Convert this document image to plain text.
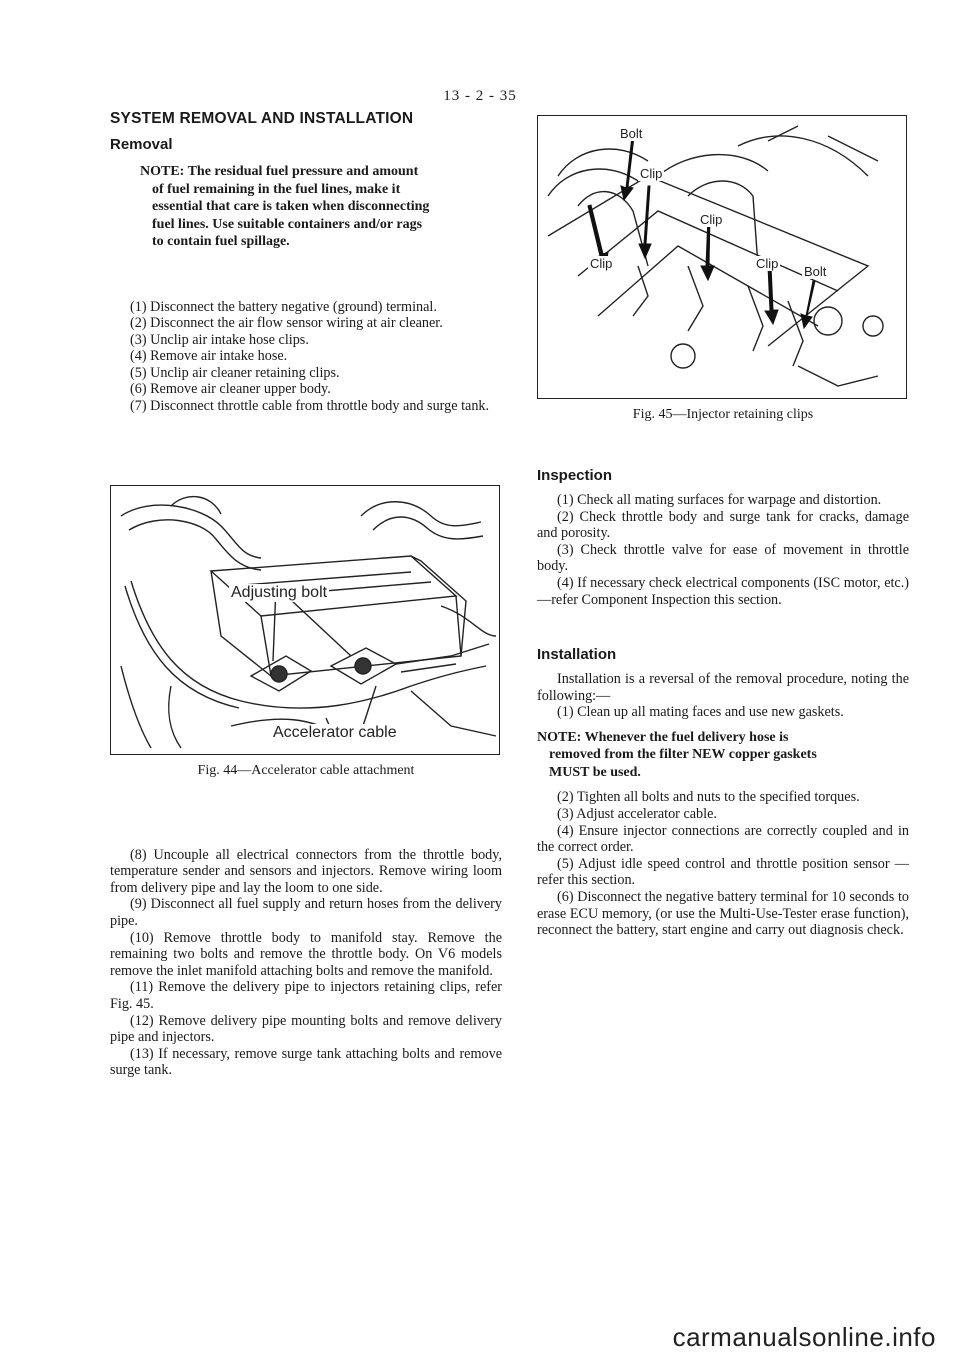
13 - 2 - 35
SYSTEM REMOVAL AND INSTALLATION
Removal
NOTE: The residual fuel pressure and amount
of fuel remaining in the fuel lines, make it
essential that care is taken when disconnecting
fuel lines. Use suitable containers and/or rags
to contain fuel spillage.

(1) Disconnect the battery negative (ground) terminal.

(2) Disconnect the air flow sensor wiring at air cleaner.

(3) Unclip air intake hose clips.

(4) Remove air intake hose.

(5) Unclip air cleaner retaining clips.

(6) Remove air cleaner upper body.

(7) Disconnect throttle cable from throttle body and surge tank.

Adjusting bolt
Accelerator cable

Fig. 44—Accelerator cable attachment

(8) Uncouple all electrical connectors from the throttle body, temperature sender and sensors and injectors. Remove wiring loom from delivery pipe and lay the loom to one side.

(9) Disconnect all fuel supply and return hoses from the delivery pipe.

(10) Remove throttle body to manifold stay. Remove the remaining two bolts and remove the throttle body. On V6 models remove the inlet manifold attaching bolts and remove the manifold.

(11) Remove the delivery pipe to injectors retaining clips, refer Fig. 45.

(12) Remove delivery pipe mounting bolts and remove delivery pipe and injectors.

(13) If necessary, remove surge tank attaching bolts and remove surge tank.

Bolt
Clip
Clip
Clip	Clip
Bolt

Fig. 45—Injector retaining clips

Inspection

(1) Check all mating surfaces for warpage and distortion.

(2) Check throttle body and surge tank for cracks, damage and porosity.

(3) Check throttle valve for ease of movement in throttle body.

(4) If necessary check electrical components (ISC motor, etc.)—refer Component Inspection this section.

Installation

Installation is a reversal of the removal procedure, noting the following:—

(1) Clean up all mating faces and use new gaskets.

NOTE: Whenever the fuel delivery hose is
removed from the filter NEW copper gaskets
MUST be used.

(2) Tighten all bolts and nuts to the specified torques.

(3) Adjust accelerator cable.

(4) Ensure injector connections are correctly coupled and in the correct order.

(5) Adjust idle speed control and throttle position sensor — refer this section.

(6) Disconnect the negative battery terminal for 10 seconds to erase ECU memory, (or use the Multi-Use-Tester erase function), reconnect the battery, start engine and carry out diagnosis check.

carmanualsonline.info
